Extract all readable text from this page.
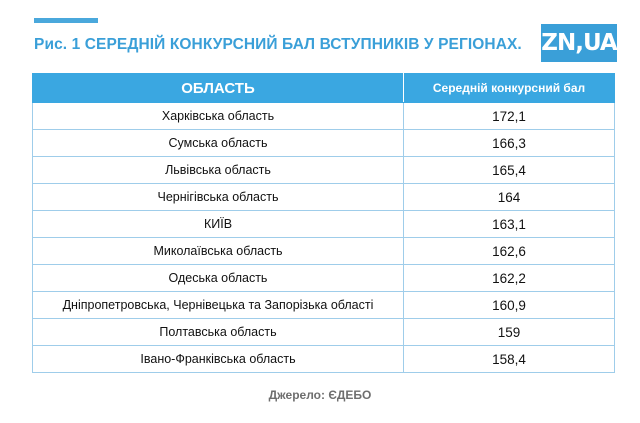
Рис. 1 СЕРЕДНІЙ КОНКУРСНИЙ БАЛ ВСТУПНИКІВ У РЕГІОНАХ. ZN,UA
ОБЛАСТЬ	Середній конкурсний бал
Харківська область	172,1
Сумська область	166,3
Львівська область	165,4
Чернігівська область	164
КИЇВ	163,1
Миколаївська область	162,6
Одеська область	162,2
Дніпропетровська, Чернівецька та Запорізька області	160,9
Полтавська область	159
Івано-Франківська область	158,4
Джерело: ЄДЕБО
